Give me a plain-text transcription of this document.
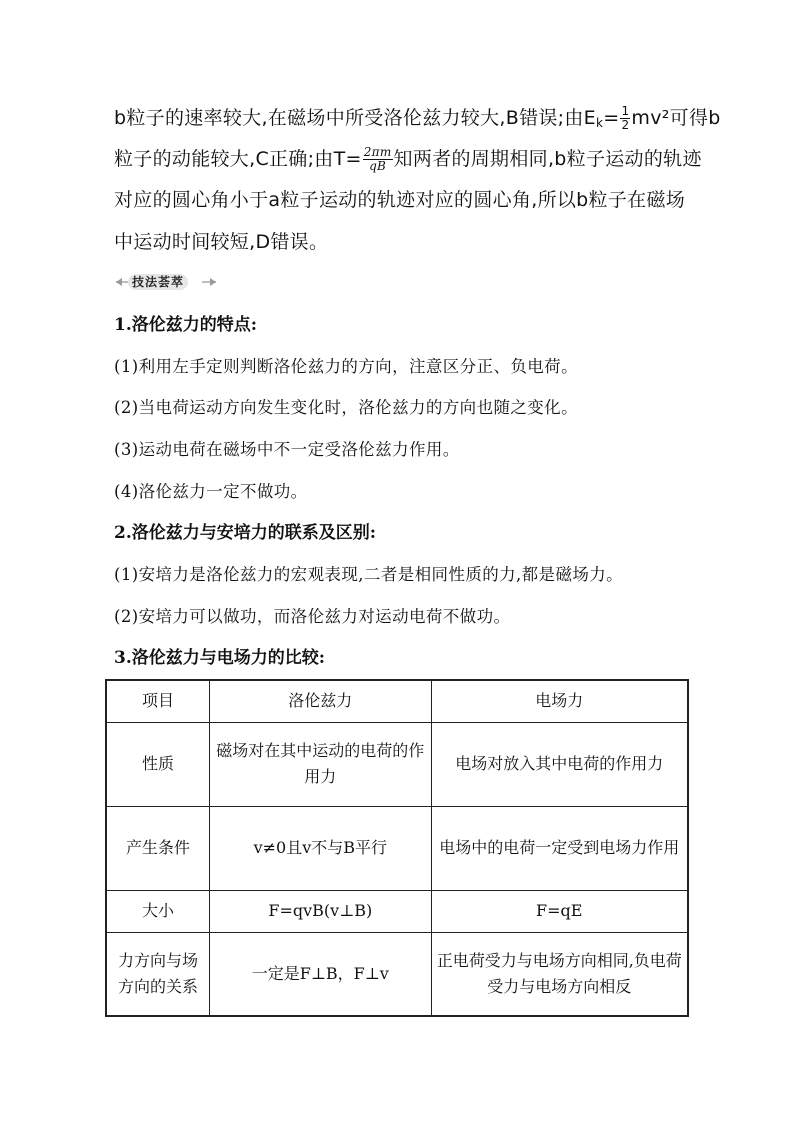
b粒子的速率较大,在磁场中所受洛伦兹力较大,B错误;由$E_k= \frac{1}{2} mv^2$可得b
粒子的动能较大,C正确;由$T= \frac{2\pi m}{qB}$ 知两者的周期相同,b粒子运动的轨迹
对应的圆心角小于a粒子运动的轨迹对应的圆心角,所以b粒子在磁场
中运动时间较短,D错误。
技法荟萃
1.洛伦兹力的特点:
(1)利用左手定则判断洛伦兹力的方向，注意区分正、负电荷。
(2)当电荷运动方向发生变化时，洛伦兹力的方向也随之变化。
(3)运动电荷在磁场中不一定受洛伦兹力作用。
(4)洛伦兹力一定不做功。
2.洛伦兹力与安培力的联系及区别:
(1)安培力是洛伦兹力的宏观表现,二者是相同性质的力,都是磁场力。
(2)安培力可以做功，而洛伦兹力对运动电荷不做功。
3.洛伦兹力与电场力的比较:
项目	洛伦兹力	电场力
性质	磁场对在其中运动的电荷的作用力	电场对放入其中电荷的作用力
产生条件	v≠0且v不与B平行	电场中的电荷一定受到电场力作用
大小	F=qvB(v⊥B)	F=qE
力方向与场方向的关系	一定是F⊥B，F⊥v	正电荷受力与电场方向相同,负电荷受力与电场方向相反
